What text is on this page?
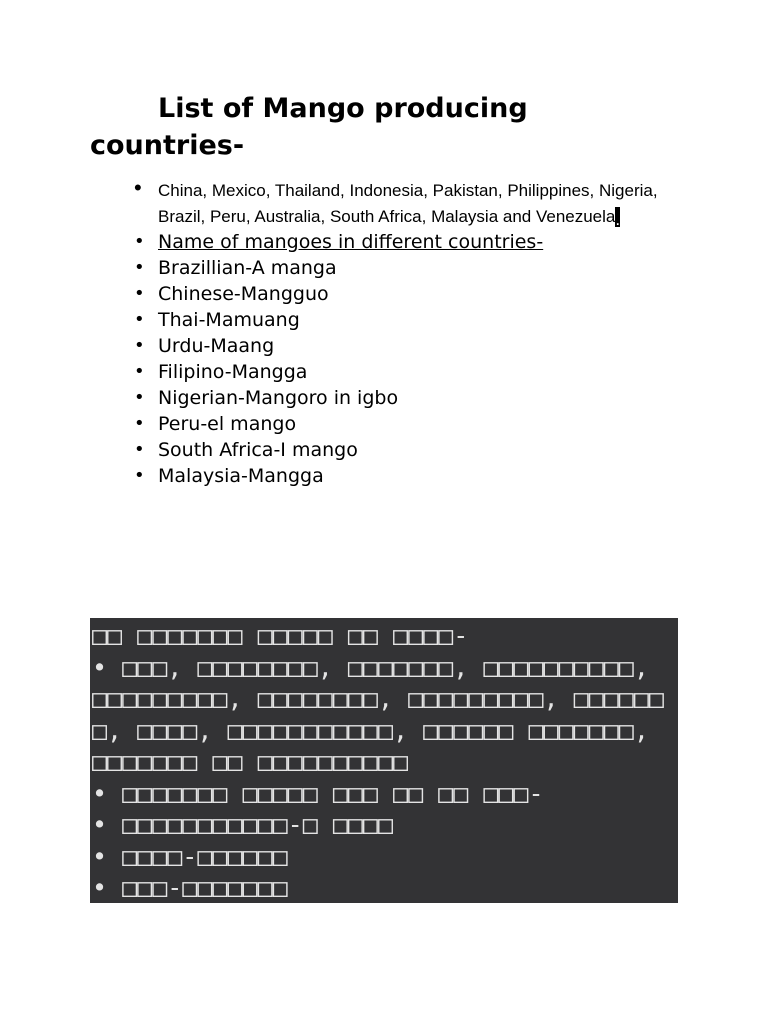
List of Mango producing
countries-
• China, Mexico, Thailand, Indonesia, Pakistan, Philippines, Nigeria, Brazil, Peru, Australia, South Africa, Malaysia and Venezuela.
• Name of mangoes in different countries-
• Brazillian-A manga
• Chinese-Mangguo
• Thai-Mamuang
• Urdu-Maang
• Filipino-Mangga
• Nigerian-Mangoro in igbo
• Peru-el mango
• South Africa-I mango
• Malaysia-Mangga
□□ □□□□□□□ □□□□□ □□ □□□□-
• □□□, □□□□□□□□, □□□□□□□, □□□□□□□□□□, □□□□□□□□□, □□□□□□□□, □□□□□□□□□, □□□□□□□, □□□□, □□□□□□□□□□□, □□□□□□ □□□□□□□, □□□□□□□ □□ □□□□□□□□□□
• □□□□□□□ □□□□□ □□□ □□ □□ □□□-
• □□□□□□□□□□□-□ □□□□
• □□□□-□□□□□□
• □□□-□□□□□□□
